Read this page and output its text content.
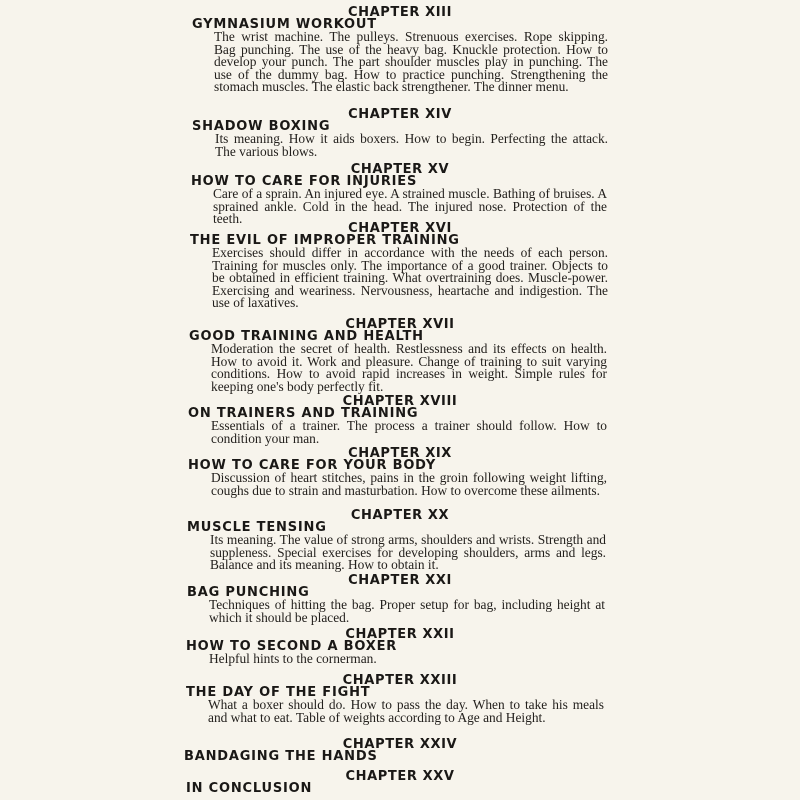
CHAPTER XIII
GYMNASIUM WORKOUT
The wrist machine. The pulleys. Strenuous exercises. Rope skipping. Bag punching. The use of the heavy bag. Knuckle protection. How to develop your punch. The part shoulder muscles play in punching. The use of the dummy bag. How to practice punching. Strengthening the stomach muscles. The elastic back strengthener. The dinner menu.
CHAPTER XIV
SHADOW BOXING
Its meaning. How it aids boxers. How to begin. Perfecting the attack. The various blows.
CHAPTER XV
HOW TO CARE FOR INJURIES
Care of a sprain. An injured eye. A strained muscle. Bathing of bruises. A sprained ankle. Cold in the head. The injured nose. Protection of the teeth.
CHAPTER XVI
THE EVIL OF IMPROPER TRAINING
Exercises should differ in accordance with the needs of each person. Training for muscles only. The importance of a good trainer. Objects to be obtained in efficient training. What overtraining does. Muscle-power. Exercising and weariness. Nervousness, heartache and indigestion. The use of laxatives.
CHAPTER XVII
GOOD TRAINING AND HEALTH
Moderation the secret of health. Restlessness and its effects on health. How to avoid it. Work and pleasure. Change of training to suit varying conditions. How to avoid rapid increases in weight. Simple rules for keeping one's body perfectly fit.
CHAPTER XVIII
ON TRAINERS AND TRAINING
Essentials of a trainer. The process a trainer should follow. How to condition your man.
CHAPTER XIX
HOW TO CARE FOR YOUR BODY
Discussion of heart stitches, pains in the groin following weight lifting, coughs due to strain and masturbation. How to overcome these ailments.
CHAPTER XX
MUSCLE TENSING
Its meaning. The value of strong arms, shoulders and wrists. Strength and suppleness. Special exercises for developing shoulders, arms and legs. Balance and its meaning. How to obtain it.
CHAPTER XXI
BAG PUNCHING
Techniques of hitting the bag. Proper setup for bag, including height at which it should be placed.
CHAPTER XXII
HOW TO SECOND A BOXER
Helpful hints to the cornerman.
CHAPTER XXIII
THE DAY OF THE FIGHT
What a boxer should do. How to pass the day. When to take his meals and what to eat. Table of weights according to Age and Height.
CHAPTER XXIV
BANDAGING THE HANDS
CHAPTER XXV
IN CONCLUSION
